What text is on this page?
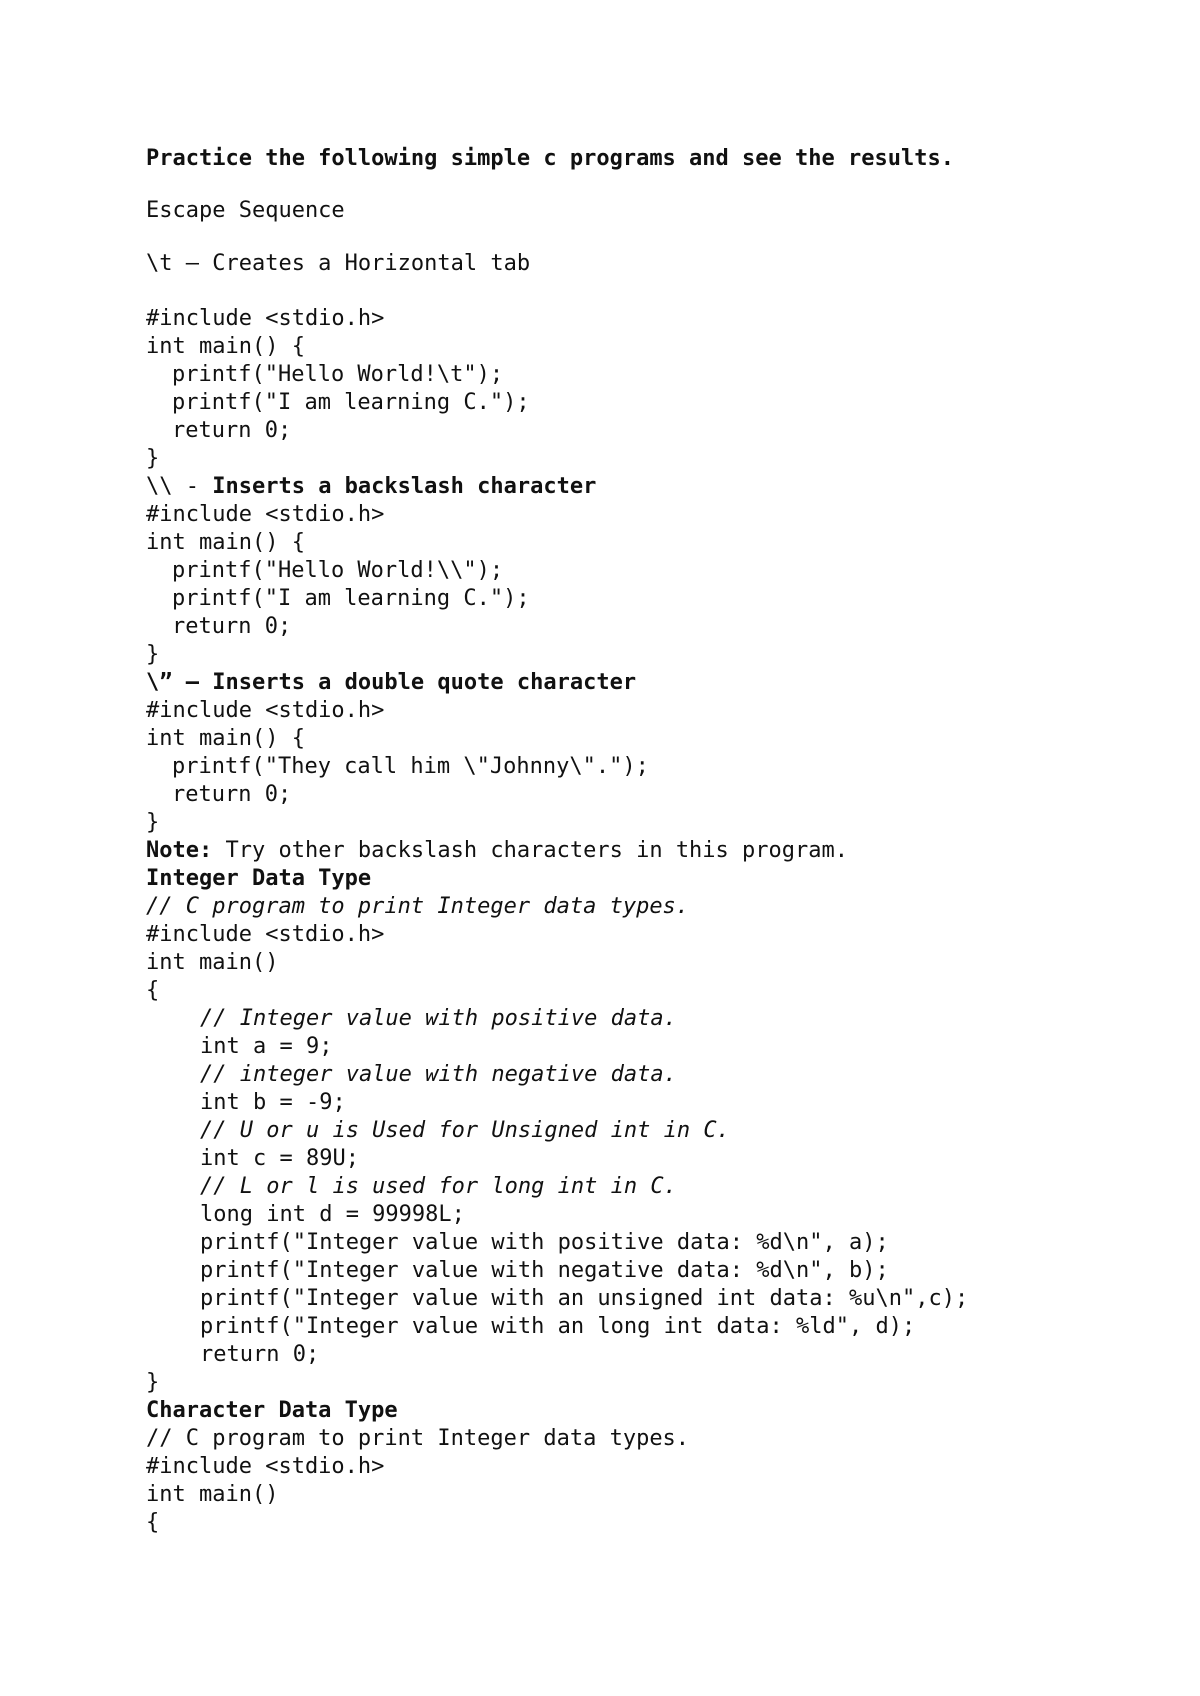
Practice the following simple c programs and see the results.
Escape Sequence
\t – Creates a Horizontal tab
#include <stdio.h>
int main() {
printf("Hello World!\t");
printf("I am learning C.");
return 0;
}
\\ - Inserts a backslash character
#include <stdio.h>
int main() {
printf("Hello World!\\");
printf("I am learning C.");
return 0;
}
\” – Inserts a double quote character
#include <stdio.h>
int main() {
printf("They call him \"Johnny\".");
return 0;
}
Note: Try other backslash characters in this program.
Integer Data Type
// C program to print Integer data types.
#include <stdio.h>
int main()
{
// Integer value with positive data.
int a = 9;
// integer value with negative data.
int b = -9;
// U or u is Used for Unsigned int in C.
int c = 89U;
// L or l is used for long int in C.
long int d = 99998L;
printf("Integer value with positive data: %d\n", a);
printf("Integer value with negative data: %d\n", b);
printf("Integer value with an unsigned int data: %u\n",c);
printf("Integer value with an long int data: %ld", d);
return 0;
}
Character Data Type
// C program to print Integer data types.
#include <stdio.h>
int main()
{
